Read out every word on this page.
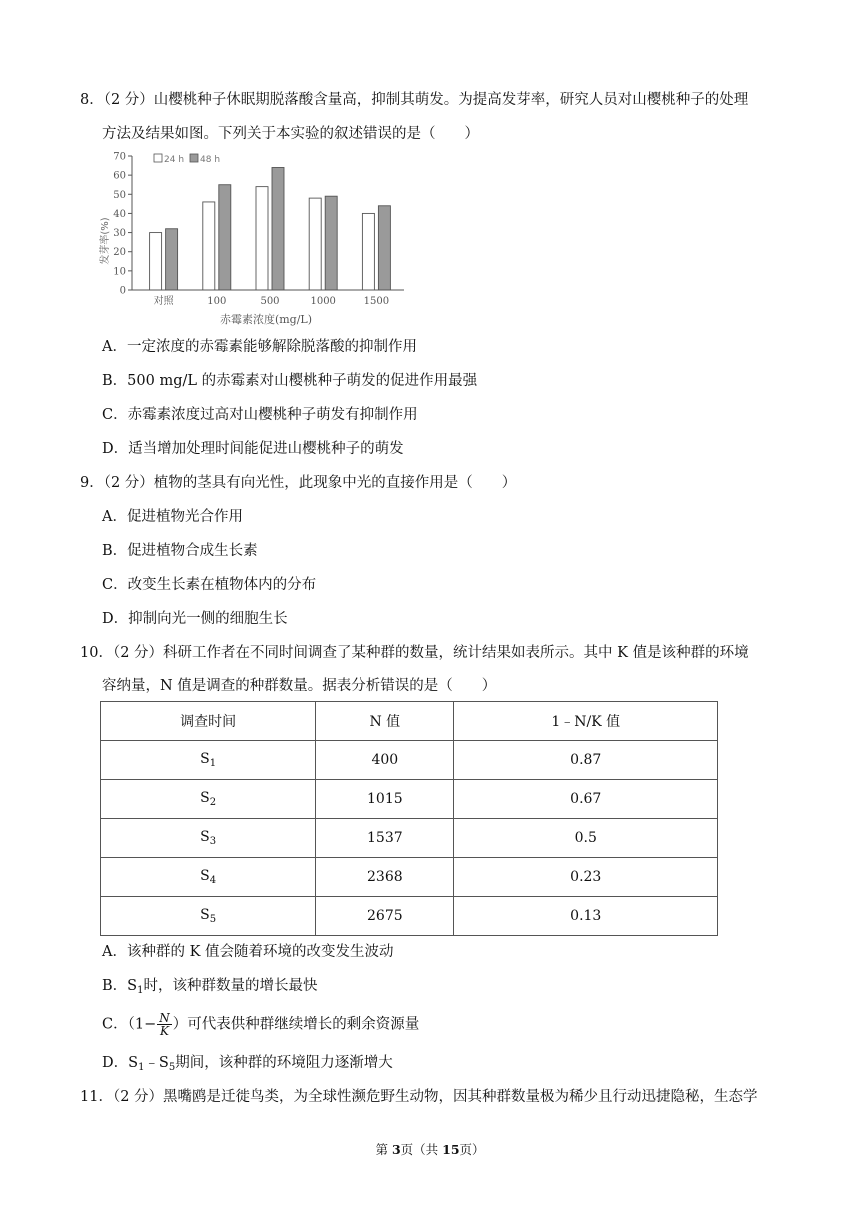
8．（2 分）山樱桃种子休眠期脱落酸含量高，抑制其萌发。为提高发芽率，研究人员对山樱桃种子的处理
方法及结果如图。下列关于本实验的叙述错误的是（　　）
0
10
20
30
40
50
60
70
对照	100	500	1000	1500
发芽率(%)
赤霉素浓度(mg/L)
24 h 48 h
A．一定浓度的赤霉素能够解除脱落酸的抑制作用
B．500 mg/L 的赤霉素对山樱桃种子萌发的促进作用最强
C．赤霉素浓度过高对山樱桃种子萌发有抑制作用
D．适当增加处理时间能促进山樱桃种子的萌发
9．（2 分）植物的茎具有向光性，此现象中光的直接作用是（　　）
A．促进植物光合作用
B．促进植物合成生长素
C．改变生长素在植物体内的分布
D．抑制向光一侧的细胞生长
10．（2 分）科研工作者在不同时间调查了某种群的数量，统计结果如表所示。其中 K 值是该种群的环境
容纳量，N 值是调查的种群数量。据表分析错误的是（　　）
调查时间	N 值	1﹣N/K 值
$S_1$	400	0.87
$S_2$	1015	0.67
$S_3$	1537	0.5
$S_4$	2368	0.23
$S_5$	2675	0.13
A．该种群的 K 值会随着环境的改变发生波动
B．$S_1$时，该种群数量的增长最快
C．（$1- \frac{N}{K}$ ）可代表供种群继续增长的剩余资源量
D．$S_1﹣S_5$期间，该种群的环境阻力逐渐增大
11．（2 分）黑嘴鸥是迁徙鸟类，为全球性濒危野生动物，因其种群数量极为稀少且行动迅捷隐秘，生态学
第 3页（共 15页）
